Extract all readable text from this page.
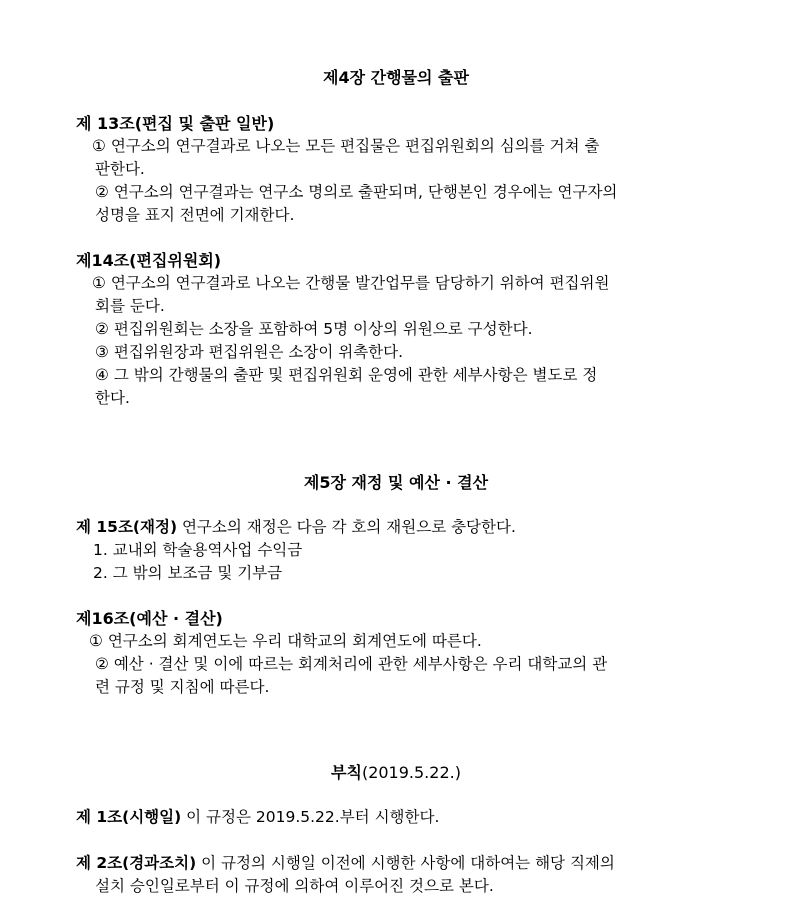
제4장 간행물의 출판
제 13조(편집 및 출판 일반)
① 연구소의 연구결과로 나오는 모든 편집물은 편집위원회의 심의를 거쳐 출
판한다.
② 연구소의 연구결과는 연구소 명의로 출판되며, 단행본인 경우에는 연구자의
성명을 표지 전면에 기재한다.
제14조(편집위원회)
① 연구소의 연구결과로 나오는 간행물 발간업무를 담당하기 위하여 편집위원
회를 둔다.
② 편집위원회는 소장을 포함하여 5명 이상의 위원으로 구성한다.
③ 편집위원장과 편집위원은 소장이 위촉한다.
④ 그 밖의 간행물의 출판 및 편집위원회 운영에 관한 세부사항은 별도로 정
한다.
제5장 재정 및 예산 · 결산
제 15조(재정) 연구소의 재정은 다음 각 호의 재원으로 충당한다.
1. 교내외 학술용역사업 수익금
2. 그 밖의 보조금 및 기부금
제16조(예산 · 결산)
① 연구소의 회계연도는 우리 대학교의 회계연도에 따른다.
② 예산 · 결산 및 이에 따르는 회계처리에 관한 세부사항은 우리 대학교의 관
련 규정 및 지침에 따른다.
부칙(2019.5.22.)
제 1조(시행일) 이 규정은 2019.5.22.부터 시행한다.
제 2조(경과조치) 이 규정의 시행일 이전에 시행한 사항에 대하여는 해당 직제의
설치 승인일로부터 이 규정에 의하여 이루어진 것으로 본다.
